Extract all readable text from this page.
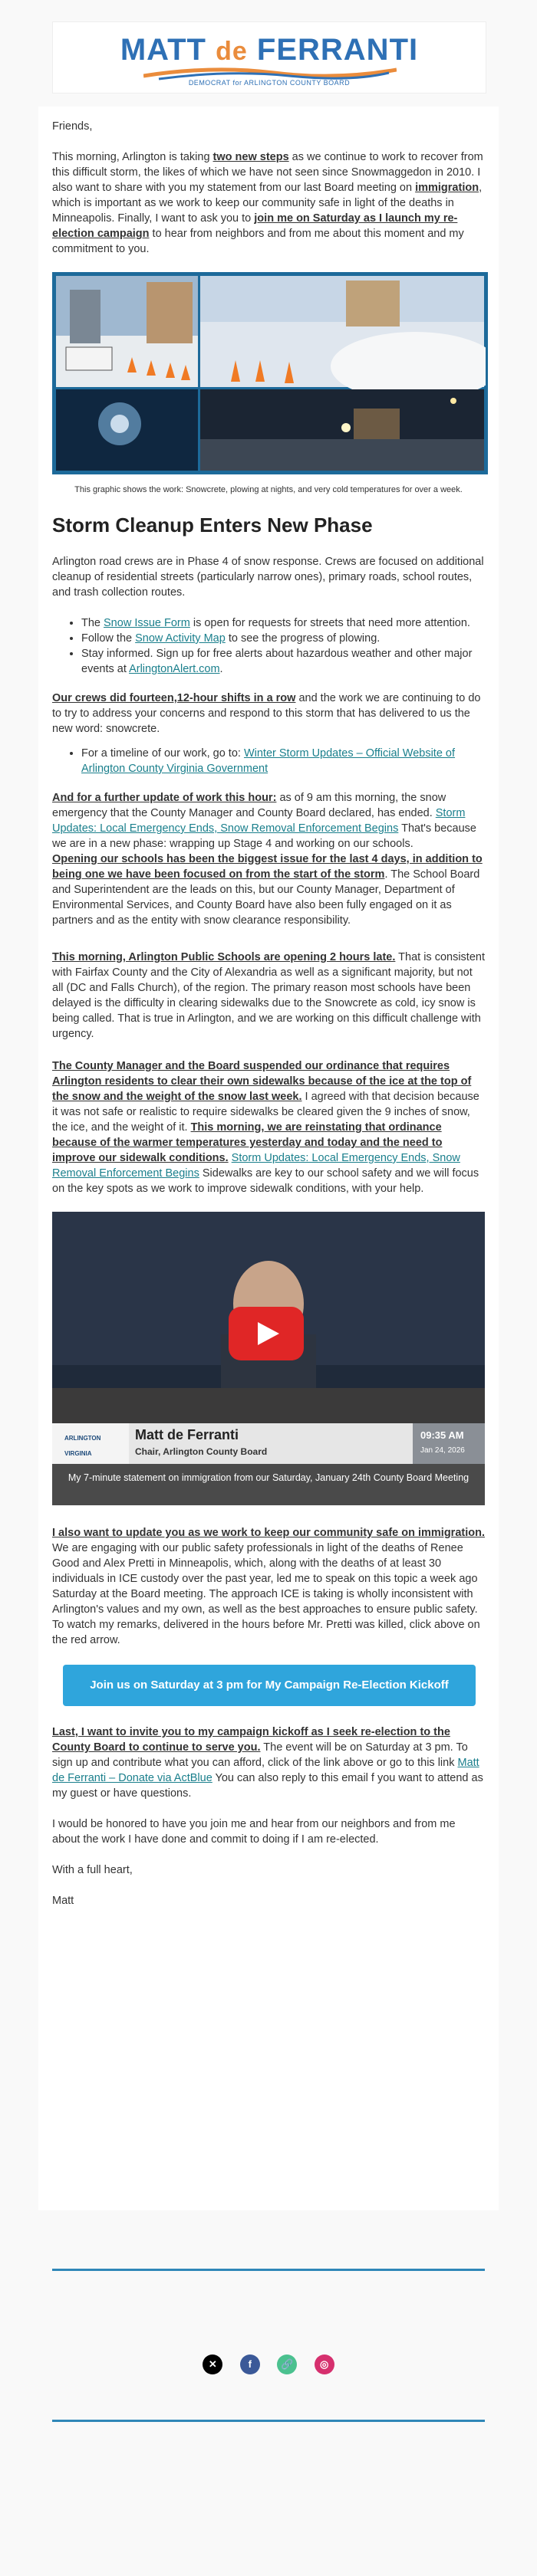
MATT de FERRANTI
DEMOCRAT for ARLINGTON COUNTY BOARD

Friends,

This morning, Arlington is taking two new steps as we continue to work to recover from this difficult storm, the likes of which we have not seen since Snowmaggedon in 2010. I also want to share with you my statement from our last Board meeting on immigration, which is important as we work to keep our community safe in light of the deaths in Minneapolis. Finally, I want to ask you to join me on Saturday as I launch my re-election campaign to hear from neighbors and from me about this moment and my commitment to you.

This graphic shows the work: Snowcrete, plowing at nights, and very cold temperatures for over a week.
Storm Cleanup Enters New Phase

Arlington road crews are in Phase 4 of snow response. Crews are focused on additional cleanup of residential streets (particularly narrow ones), primary roads, school routes, and trash collection routes.

• The Snow Issue Form is open for requests for streets that need more attention.
• Follow the Snow Activity Map to see the progress of plowing.
• Stay informed. Sign up for free alerts about hazardous weather and other major events at ArlingtonAlert.com.

Our crews did fourteen,12-hour shifts in a row and the work we are continuing to do to try to address your concerns and respond to this storm that has delivered to us the new word: snowcrete.

• For a timeline of our work, go to: Winter Storm Updates – Official Website of Arlington County Virginia Government

And for a further update of work this hour: as of 9 am this morning, the snow emergency that the County Manager and County Board declared, has ended. Storm Updates: Local Emergency Ends, Snow Removal Enforcement Begins That's because we are in a new phase: wrapping up Stage 4 and working on our schools.

Opening our schools has been the biggest issue for the last 4 days, in addition to being one we have been focused on from the start of the storm. The School Board and Superintendent are the leads on this, but our County Manager, Department of Environmental Services, and County Board have also been fully engaged on it as partners and as the entity with snow clearance responsibility.

This morning, Arlington Public Schools are opening 2 hours late. That is consistent with Fairfax County and the City of Alexandria as well as a significant majority, but not all (DC and Falls Church), of the region. The primary reason most schools have been delayed is the difficulty in clearing sidewalks due to the Snowcrete as cold, icy snow is being called. That is true in Arlington, and we are working on this difficult challenge with urgency.

The County Manager and the Board suspended our ordinance that requires Arlington residents to clear their own sidewalks because of the ice at the top of the snow and the weight of the snow last week. I agreed with that decision because it was not safe or realistic to require sidewalks be cleared given the 9 inches of snow, the ice, and the weight of it. This morning, we are reinstating that ordinance because of the warmer temperatures yesterday and today and the need to improve our sidewalk conditions. Storm Updates: Local Emergency Ends, Snow Removal Enforcement Begins Sidewalks are key to our school safety and we will focus on the key spots as we work to improve sidewalk conditions, with your help.

ARLINGTON VIRGINIA
Matt de Ferranti
Chair, Arlington County Board
09:35 AM
Jan 24, 2026
My 7-minute statement on immigration from our Saturday, January 24th County Board Meeting

I also want to update you as we work to keep our community safe on immigration. We are engaging with our public safety professionals in light of the deaths of Renee Good and Alex Pretti in Minneapolis, which, along with the deaths of at least 30 individuals in ICE custody over the past year, led me to speak on this topic a week ago Saturday at the Board meeting. The approach ICE is taking is wholly inconsistent with Arlington's values and my own, as well as the best approaches to ensure public safety. To watch my remarks, delivered in the hours before Mr. Pretti was killed, click above on the red arrow.

Join us on Saturday at 3 pm for My Campaign Re-Election Kickoff

Last, I want to invite you to my campaign kickoff as I seek re-election to the County Board to continue to serve you. The event will be on Saturday at 3 pm. To sign up and contribute what you can afford, click of the link above or go to this link Matt de Ferranti – Donate via ActBlue You can also reply to this email f you want to attend as my guest or have questions.

I would be honored to have you join me and hear from our neighbors and from me about the work I have done and commit to doing if I am re-elected.

With a full heart,

Matt

✕	f	🔗	◎
